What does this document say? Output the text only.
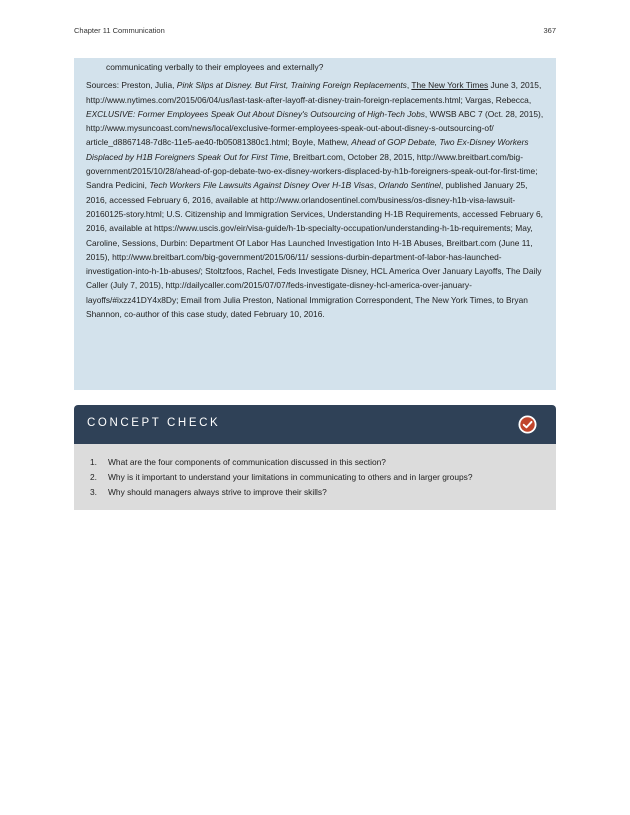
Chapter 11 Communication	367

communicating verbally to their employees and externally?

Sources: Preston, Julia, Pink Slips at Disney. But First, Training Foreign Replacements, The New York Times June 3, 2015, http://www.nytimes.com/2015/06/04/us/last-task-after-layoff-at-disney-train-foreign-replacements.html; Vargas, Rebecca, EXCLUSIVE: Former Employees Speak Out About Disney's Outsourcing of High-Tech Jobs, WWSB ABC 7 (Oct. 28, 2015), http://www.mysuncoast.com/news/local/exclusive-former-employees-speak-out-about-disney-s-outsourcing-of/ article_d8867148-7d8c-11e5-ae40-fb05081380c1.html; Boyle, Mathew, Ahead of GOP Debate, Two Ex-Disney Workers Displaced by H1B Foreigners Speak Out for First Time, Breitbart.com, October 28, 2015, http://www.breitbart.com/big-government/2015/10/28/ahead-of-gop-debate-two-ex-disney-workers-displaced-by-h1b-foreigners-speak-out-for-first-time; Sandra Pedicini, Tech Workers File Lawsuits Against Disney Over H-1B Visas, Orlando Sentinel, published January 25, 2016, accessed February 6, 2016, available at http://www.orlandosentinel.com/business/os-disney-h1b-visa-lawsuit-20160125-story.html; U.S. Citizenship and Immigration Services, Understanding H-1B Requirements, accessed February 6, 2016, available at https://www.uscis.gov/eir/visa-guide/h-1b-specialty-occupation/understanding-h-1b-requirements; May, Caroline, Sessions, Durbin: Department Of Labor Has Launched Investigation Into H-1B Abuses, Breitbart.com (June 11, 2015), http://www.breitbart.com/big-government/2015/06/11/ sessions-durbin-department-of-labor-has-launched-investigation-into-h-1b-abuses/; Stoltzfoos, Rachel, Feds Investigate Disney, HCL America Over January Layoffs, The Daily Caller (July 7, 2015), http://dailycaller.com/2015/07/07/feds-investigate-disney-hcl-america-over-january-layoffs/#ixzz41DY4x8Dy; Email from Julia Preston, National Immigration Correspondent, The New York Times, to Bryan Shannon, co-author of this case study, dated February 10, 2016.

CONCEPT CHECK
1. What are the four components of communication discussed in this section?
2. Why is it important to understand your limitations in communicating to others and in larger groups?
3. Why should managers always strive to improve their skills?
